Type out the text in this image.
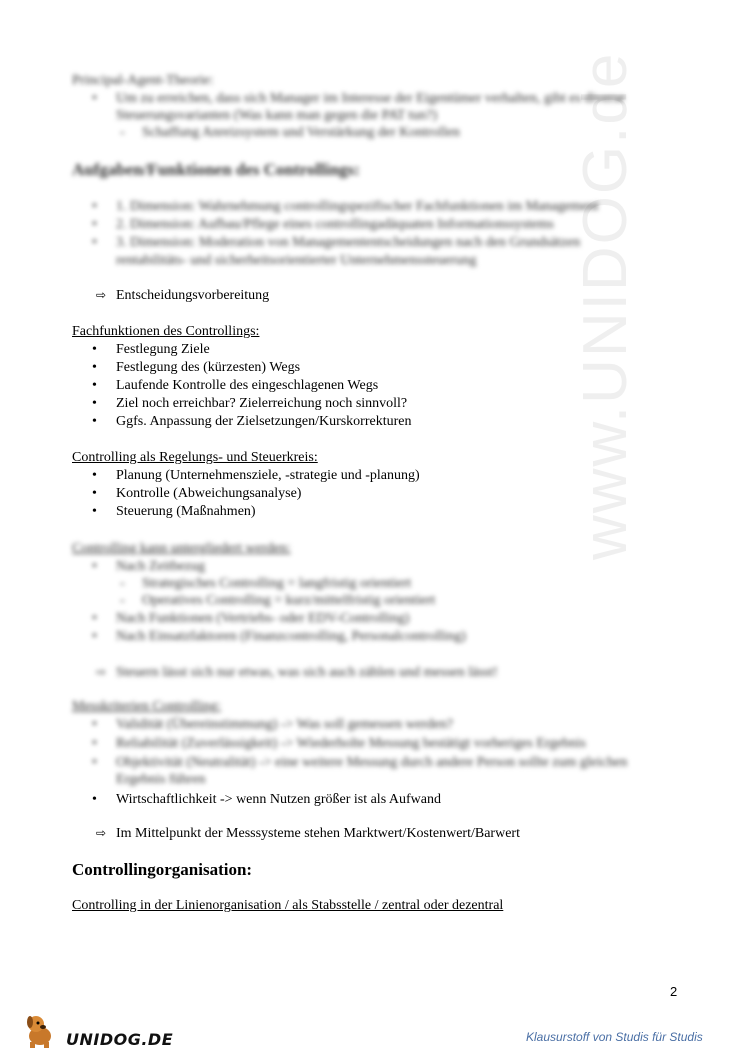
www.UNIDOG.de
Principal-Agent-Theorie:
• Um zu erreichen, dass sich Manager im Interesse der Eigentümer verhalten, gibt es diverse
Steuerungsvarianten (Was kann man gegen die PAT tun?)
- Schaffung Anreizsystem und Verstärkung der Kontrollen
Aufgaben/Funktionen des Controllings:
• 1. Dimension: Wahrnehmung controllingspezifischer Fachfunktionen im Management
• 2. Dimension: Aufbau/Pflege eines controllingadäquaten Informationssystems
• 3. Dimension: Moderation von Managemententscheidungen nach den Grundsätzen
rentabilitäts- und sicherheitsorientierter Unternehmenssteuerung
⇨ Entscheidungsvorbereitung
Fachfunktionen des Controllings:
• Festlegung Ziele
• Festlegung des (kürzesten) Wegs
• Laufende Kontrolle des eingeschlagenen Wegs
• Ziel noch erreichbar? Zielerreichung noch sinnvoll?
• Ggfs. Anpassung der Zielsetzungen/Kurskorrekturen
Controlling als Regelungs- und Steuerkreis:
• Planung (Unternehmensziele, -strategie und -planung)
• Kontrolle (Abweichungsanalyse)
• Steuerung (Maßnahmen)
Controlling kann untergliedert werden:
• Nach Zeitbezug
- Strategisches Controlling = langfristig orientiert
- Operatives Controlling = kurz/mittelfristig orientiert
• Nach Funktionen (Vertriebs- oder EDV-Controlling)
• Nach Einsatzfaktoren (Finanzcontrolling, Personalcontrolling)
⇨ Steuern lässt sich nur etwas, was sich auch zählen und messen lässt!
Messkriterien Controlling:
• Validität (Übereinstimmung) -> Was soll gemessen werden?
• Reliabilität (Zuverlässigkeit) -> Wiederholte Messung bestätigt vorheriges Ergebnis
• Objektivität (Neutralität) -> eine weitere Messung durch andere Person sollte zum gleichen
Ergebnis führen
• Wirtschaftlichkeit -> wenn Nutzen größer ist als Aufwand
⇨ Im Mittelpunkt der Messsysteme stehen Marktwert/Kostenwert/Barwert
Controllingorganisation:
Controlling in der Linienorganisation / als Stabsstelle / zentral oder dezentral
2
UNIDOG.DE	Klausurstoff von Studis für Studis
